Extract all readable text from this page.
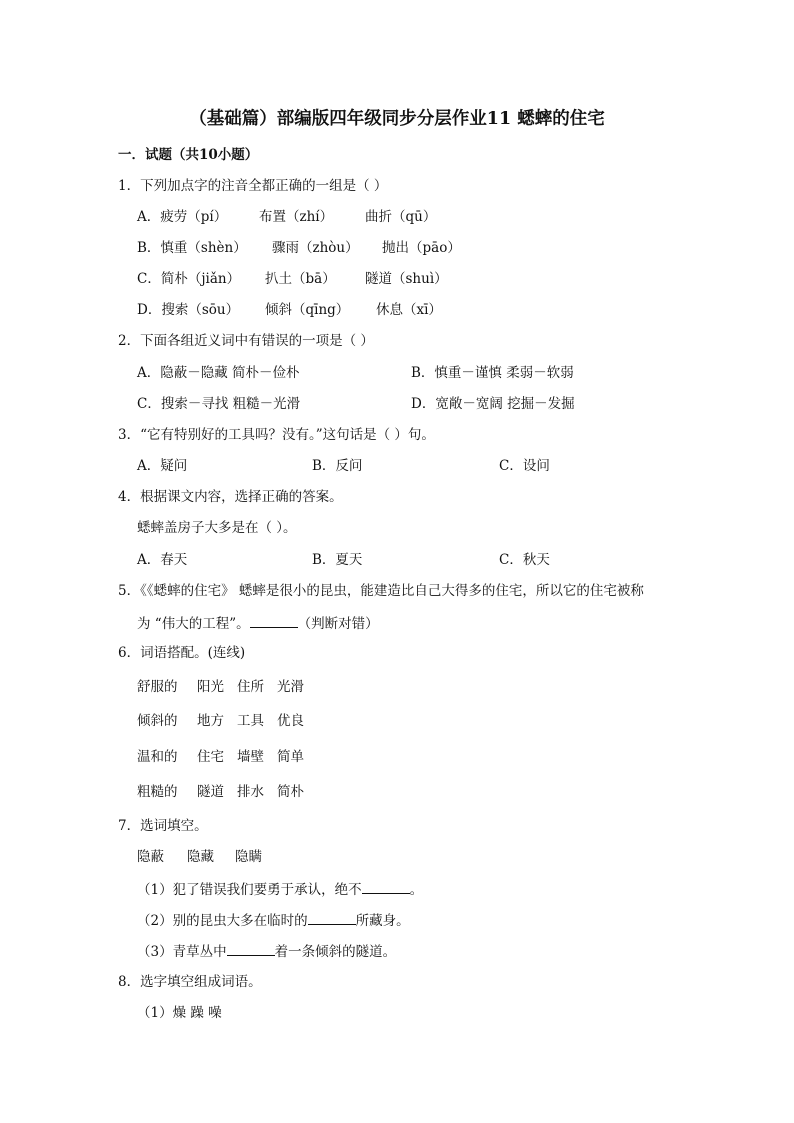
（基础篇）部编版四年级同步分层作业11 蟋蟀的住宅
一．试题（共10小题）
1．下列加点字的注音全都正确的一组是（ ）
A．疲劳（pí） 布置（zhí） 曲折（qū）
B．慎重（shèn） 骤雨（zhòu） 抛出（pāo）
C．简朴（jiǎn） 扒土（bā） 隧道（shuì）
D．搜索（sōu） 倾斜（qīng） 休息（xī）
2．下面各组近义词中有错误的一项是（ ）
A．隐蔽－隐藏 简朴－俭朴	B．慎重－谨慎 柔弱－软弱
C．搜索－寻找 粗糙－光滑	D．宽敞－宽阔 挖掘－发掘
3．“它有特别好的工具吗？没有。”这句话是（ ）句。
A．疑问	B．反问	C．设问
4．根据课文内容，选择正确的答案。
蟋蟀盖房子大多是在（ ）。
A．春天	B．夏天	C．秋天
5．《《蟋蟀的住宅》 蟋蟀是很小的昆虫，能建造比自己大得多的住宅，所以它的住宅被称
为 “伟大的工程”。	（判断对错）
6．词语搭配。(连线)
舒服的 阳光 住所 光滑
倾斜的 地方 工具 优良
温和的 住宅 墙壁 简单
粗糙的 隧道 排水 简朴
7．选词填空。
隐蔽 隐藏 隐瞒
（1）犯了错误我们要勇于承认，绝不	。
（2）别的昆虫大多在临时的	所藏身。
（3）青草丛中	着一条倾斜的隧道。
8．选字填空组成词语。
（1）燥 躁 噪
